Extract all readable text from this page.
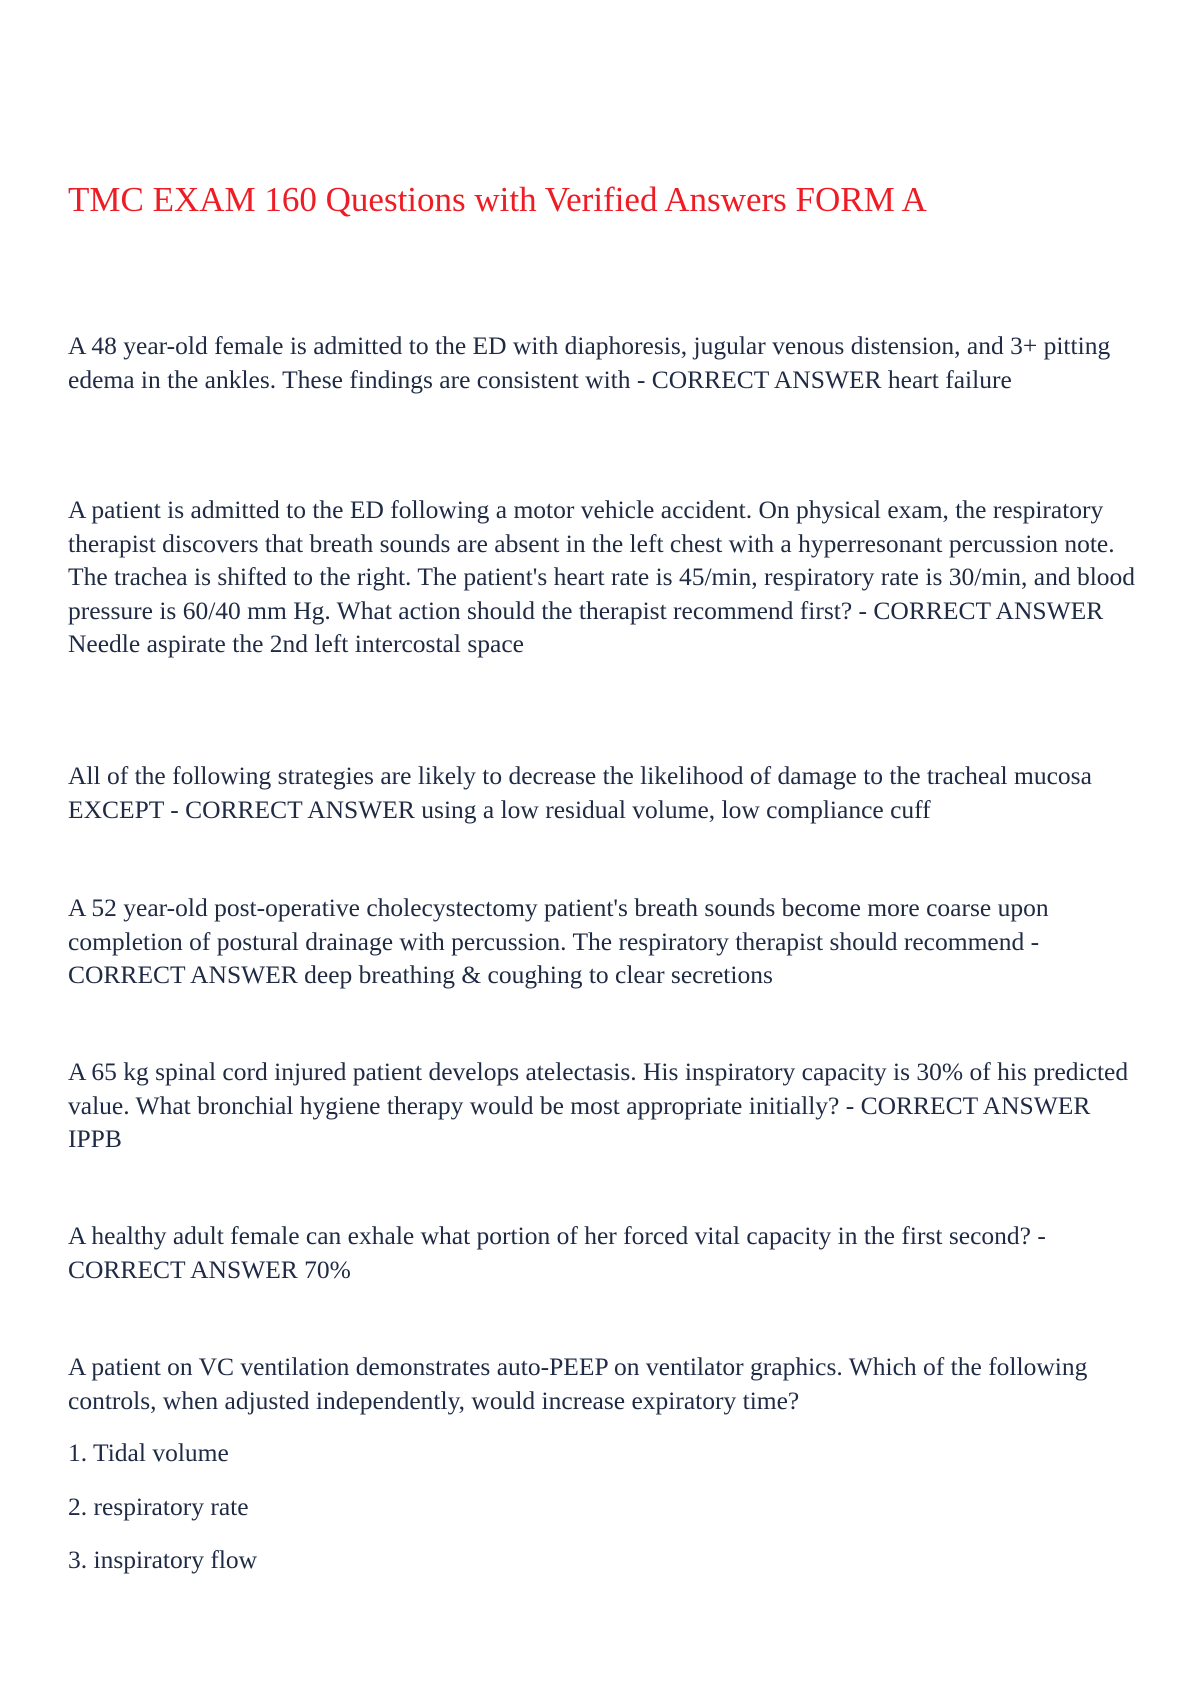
TMC EXAM 160 Questions with Verified Answers FORM A

A 48 year-old female is admitted to the ED with diaphoresis, jugular venous distension, and 3+ pitting edema in the ankles. These findings are consistent with - CORRECT ANSWER heart failure

A patient is admitted to the ED following a motor vehicle accident. On physical exam, the respiratory therapist discovers that breath sounds are absent in the left chest with a hyperresonant percussion note. The trachea is shifted to the right. The patient's heart rate is 45/min, respiratory rate is 30/min, and blood pressure is 60/40 mm Hg. What action should the therapist recommend first? - CORRECT ANSWER Needle aspirate the 2nd left intercostal space

All of the following strategies are likely to decrease the likelihood of damage to the tracheal mucosa EXCEPT - CORRECT ANSWER using a low residual volume, low compliance cuff

A 52 year-old post-operative cholecystectomy patient's breath sounds become more coarse upon completion of postural drainage with percussion. The respiratory therapist should recommend - CORRECT ANSWER deep breathing & coughing to clear secretions

A 65 kg spinal cord injured patient develops atelectasis. His inspiratory capacity is 30% of his predicted value. What bronchial hygiene therapy would be most appropriate initially? - CORRECT ANSWER IPPB

A healthy adult female can exhale what portion of her forced vital capacity in the first second? - CORRECT ANSWER 70%

A patient on VC ventilation demonstrates auto-PEEP on ventilator graphics. Which of the following controls, when adjusted independently, would increase expiratory time?

1. Tidal volume

2. respiratory rate

3. inspiratory flow
